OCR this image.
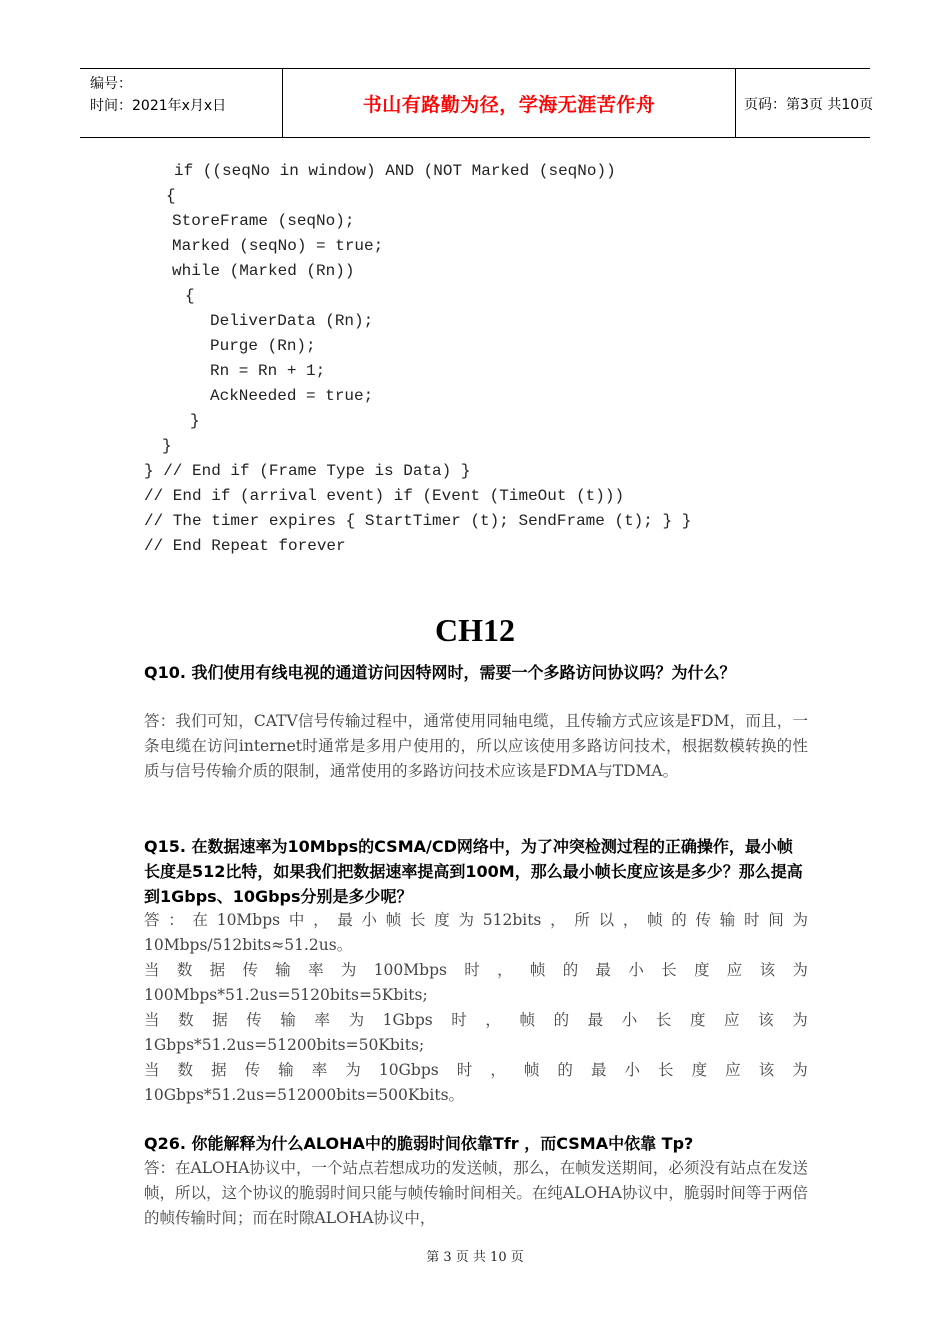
编号：
时间：2021年x月x日	书山有路勤为径，学海无涯苦作舟	页码：第3页 共10页
if ((seqNo in window) AND (NOT Marked (seqNo))
{
StoreFrame (seqNo);
Marked (seqNo) = true;
while (Marked (Rn))
{
DeliverData (Rn);
Purge (Rn);
Rn = Rn + 1;
AckNeeded = true;
}
}
} // End if (Frame Type is Data) }
// End if (arrival event) if (Event (TimeOut (t)))
// The timer expires { StartTimer (t); SendFrame (t); } }
// End Repeat forever
CH12
Q10. 我们使用有线电视的通道访问因特网时，需要一个多路访问协议吗？为什么？
答：我们可知，CATV信号传输过程中，通常使用同轴电缆，且传输方式应该是FDM，而且，一条电缆在访问internet时通常是多用户使用的，所以应该使用多路访问技术，根据数模转换的性质与信号传输介质的限制，通常使用的多路访问技术应该是FDMA与TDMA。
Q15. 在数据速率为10Mbps的CSMA/CD网络中，为了冲突检测过程的正确操作，最小帧长度是512比特，如果我们把数据速率提高到100M，那么最小帧长度应该是多少？那么提高到1Gbps、10Gbps分别是多少呢？
答：在10Mbps中，最小帧长度为512bits，所以，帧的传输时间为10Mbps/512bits≈51.2us。
当 数 据 传 输 率 为 100Mbps 时 ， 帧 的 最 小 长 度 应 该 为
100Mbps*51.2us=5120bits=5Kbits;
当 数 据 传 输 率 为 1Gbps 时 ， 帧 的 最 小 长 度 应 该 为
1Gbps*51.2us=51200bits=50Kbits;
当 数 据 传 输 率 为 10Gbps 时 ， 帧 的 最 小 长 度 应 该 为
10Gbps*51.2us=512000bits=500Kbits。
Q26. 你能解释为什么ALOHA中的脆弱时间依靠Tfr ，而CSMA中依靠 Tp?
答：在ALOHA协议中，一个站点若想成功的发送帧，那么，在帧发送期间，必须没有站点在发送帧，所以，这个协议的脆弱时间只能与帧传输时间相关。在纯ALOHA协议中，脆弱时间等于两倍的帧传输时间；而在时隙ALOHA协议中，
第 3 页 共 10 页
